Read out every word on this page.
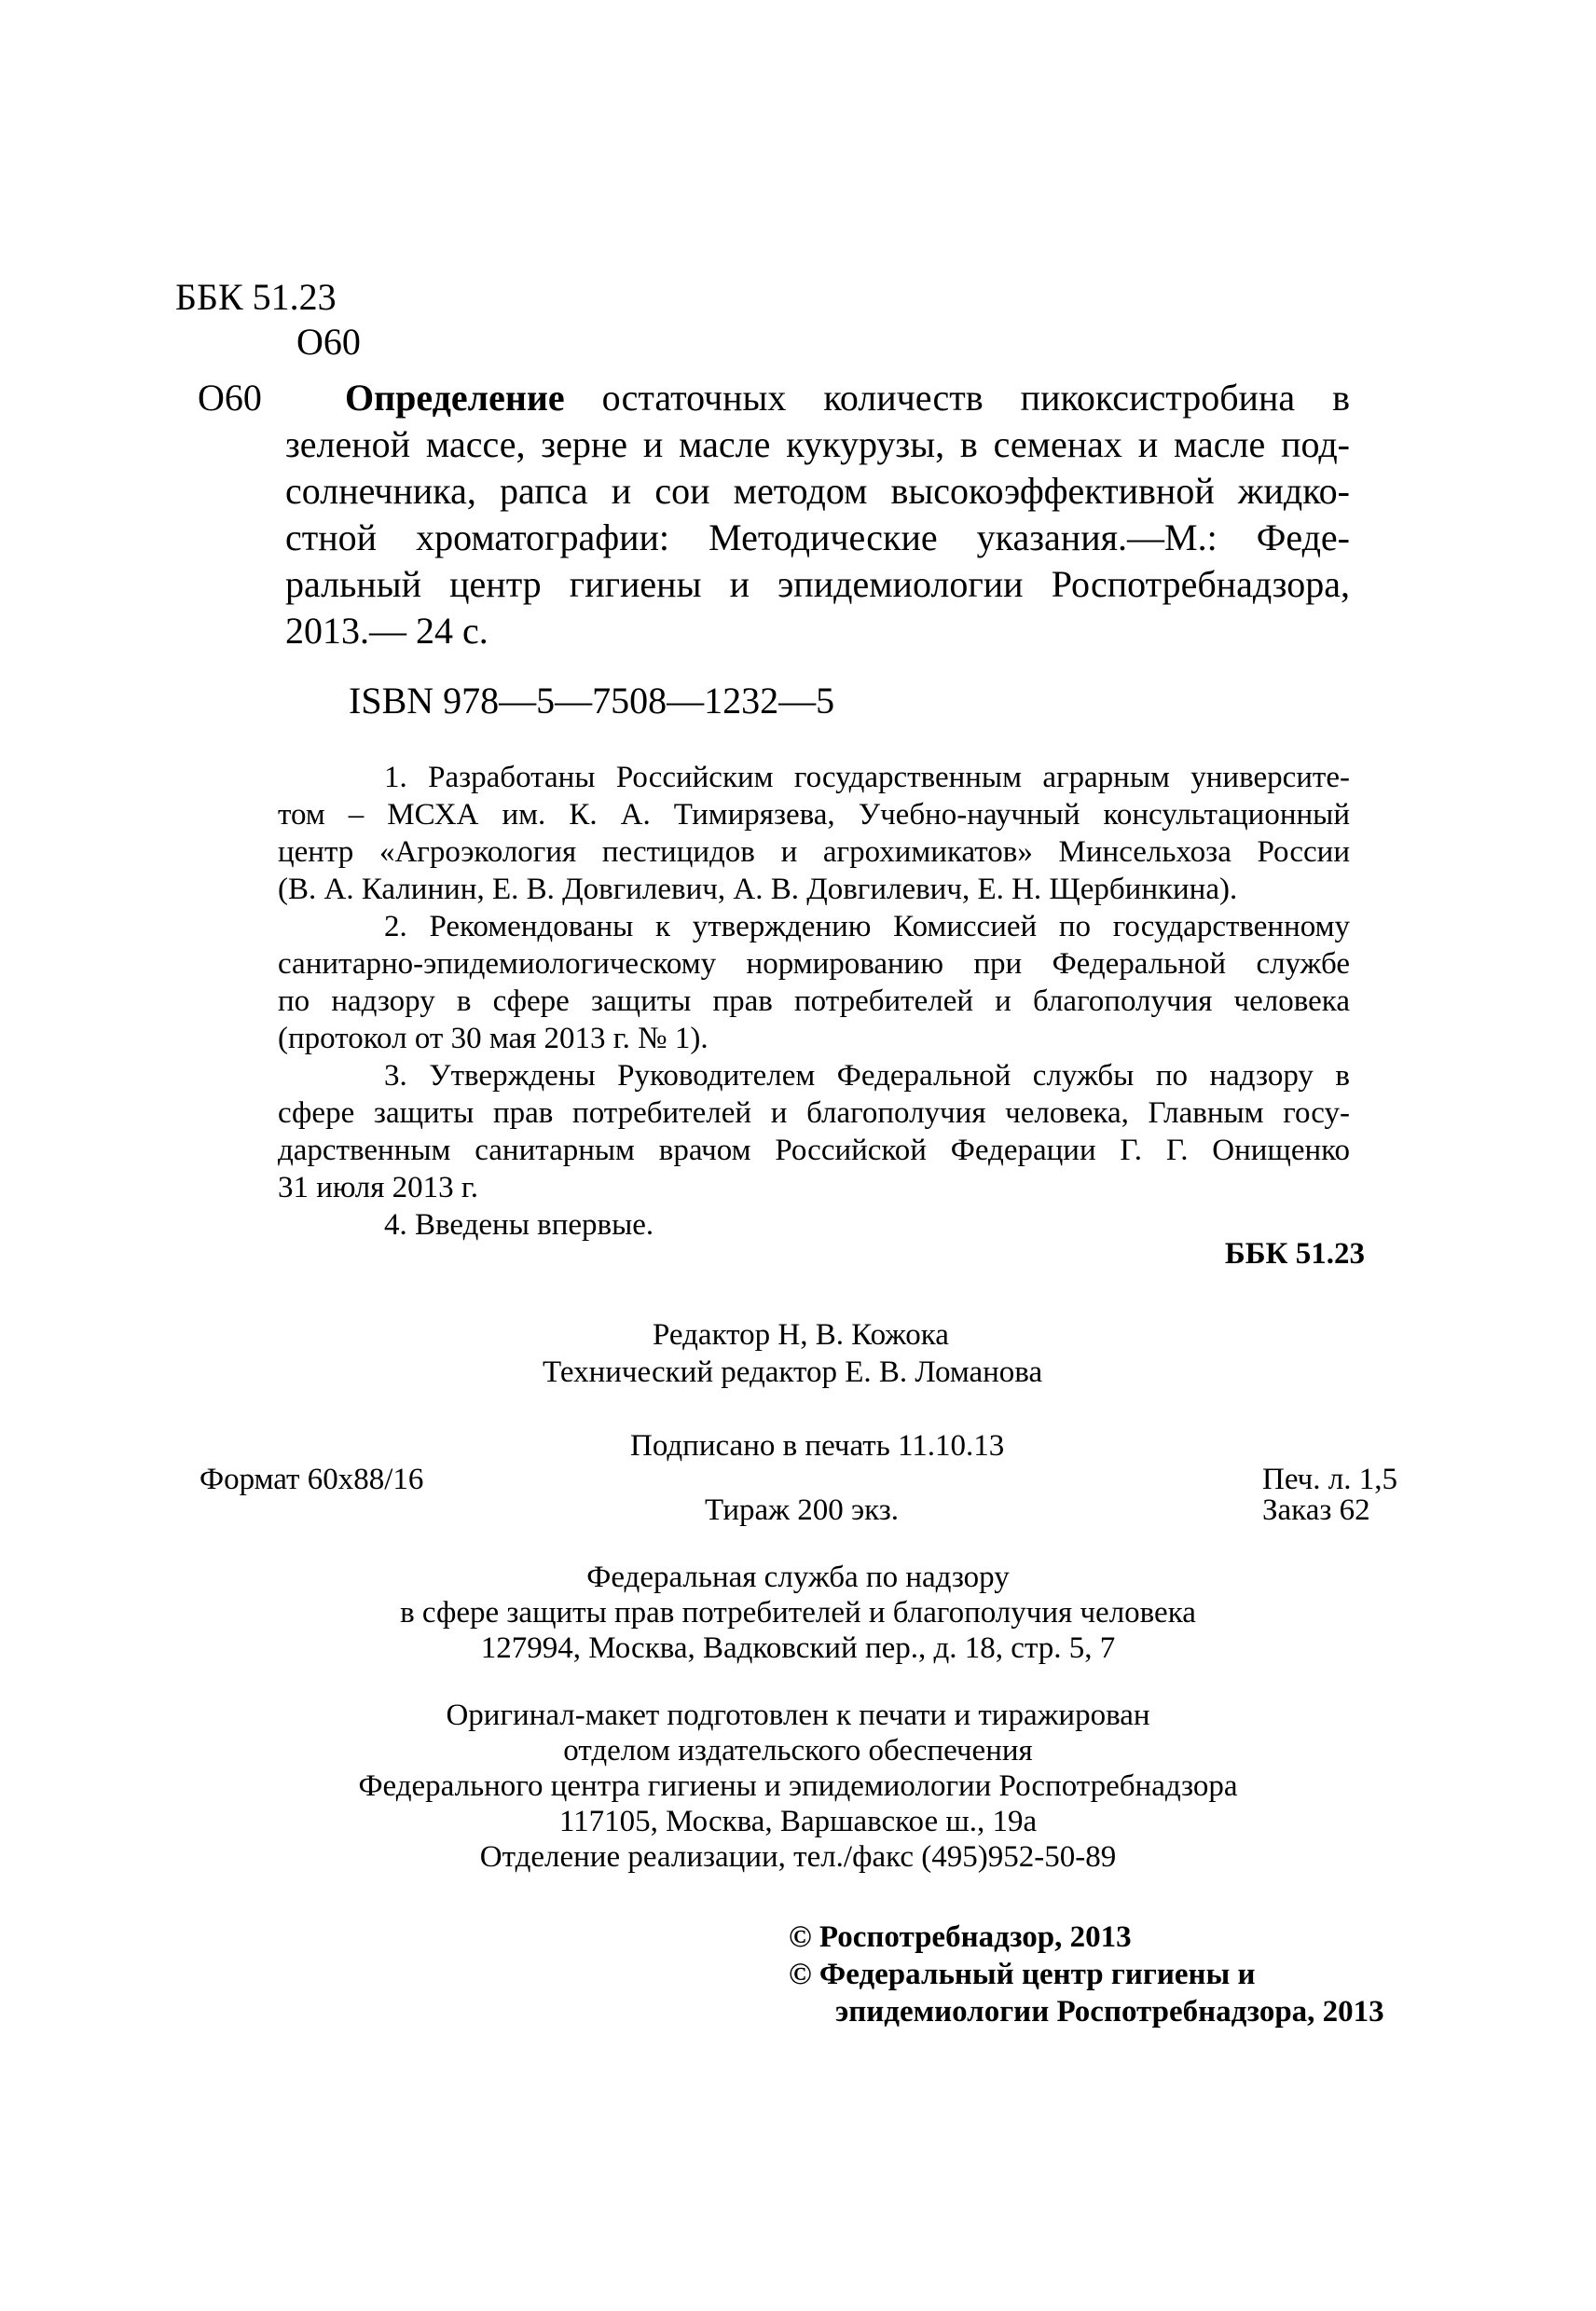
ББК 51.23
О60
О60 Определение остаточных количеств пикоксистробина в
зеленой массе, зерне и масле кукурузы, в семенах и масле под-
солнечника, рапса и сои методом высокоэффективной жидко-
стной хроматографии: Методические указания.—М.: Феде-
ральный центр гигиены и эпидемиологии Роспотребнадзора,
2013.— 24 с.
ISBN 978—5—7508—1232—5
1. Разработаны Российским государственным аграрным университе-
том – МСХА им. К. А. Тимирязева, Учебно-научный консультационный
центр «Агроэкология пестицидов и агрохимикатов» Минсельхоза России
(В. А. Калинин, Е. В. Довгилевич, А. В. Довгилевич, Е. Н. Щербинкина).
2. Рекомендованы к утверждению Комиссией по государственному
санитарно-эпидемиологическому нормированию при Федеральной службе
по надзору в сфере защиты прав потребителей и благополучия человека
(протокол от 30 мая 2013 г. № 1).
3. Утверждены Руководителем Федеральной службы по надзору в
сфере защиты прав потребителей и благополучия человека, Главным госу-
дарственным санитарным врачом Российской Федерации Г. Г. Онищенко
31 июля 2013 г.
4. Введены впервые.
ББК 51.23
Редактор Н, В. Кожока
Технический редактор Е. В. Ломанова
Подписано в печать 11.10.13
Формат 60x88/16	Печ. л. 1,5
Тираж 200 экз.	Заказ 62
Федеральная служба по надзору
в сфере защиты прав потребителей и благополучия человека
127994, Москва, Вадковский пер., д. 18, стр. 5, 7
Оригинал-макет подготовлен к печати и тиражирован
отделом издательского обеспечения
Федерального центра гигиены и эпидемиологии Роспотребнадзора
117105, Москва, Варшавское ш., 19а
Отделение реализации, тел./факс (495)952-50-89
© Роспотребнадзор, 2013
© Федеральный центр гигиены и
эпидемиологии Роспотребнадзора, 2013
